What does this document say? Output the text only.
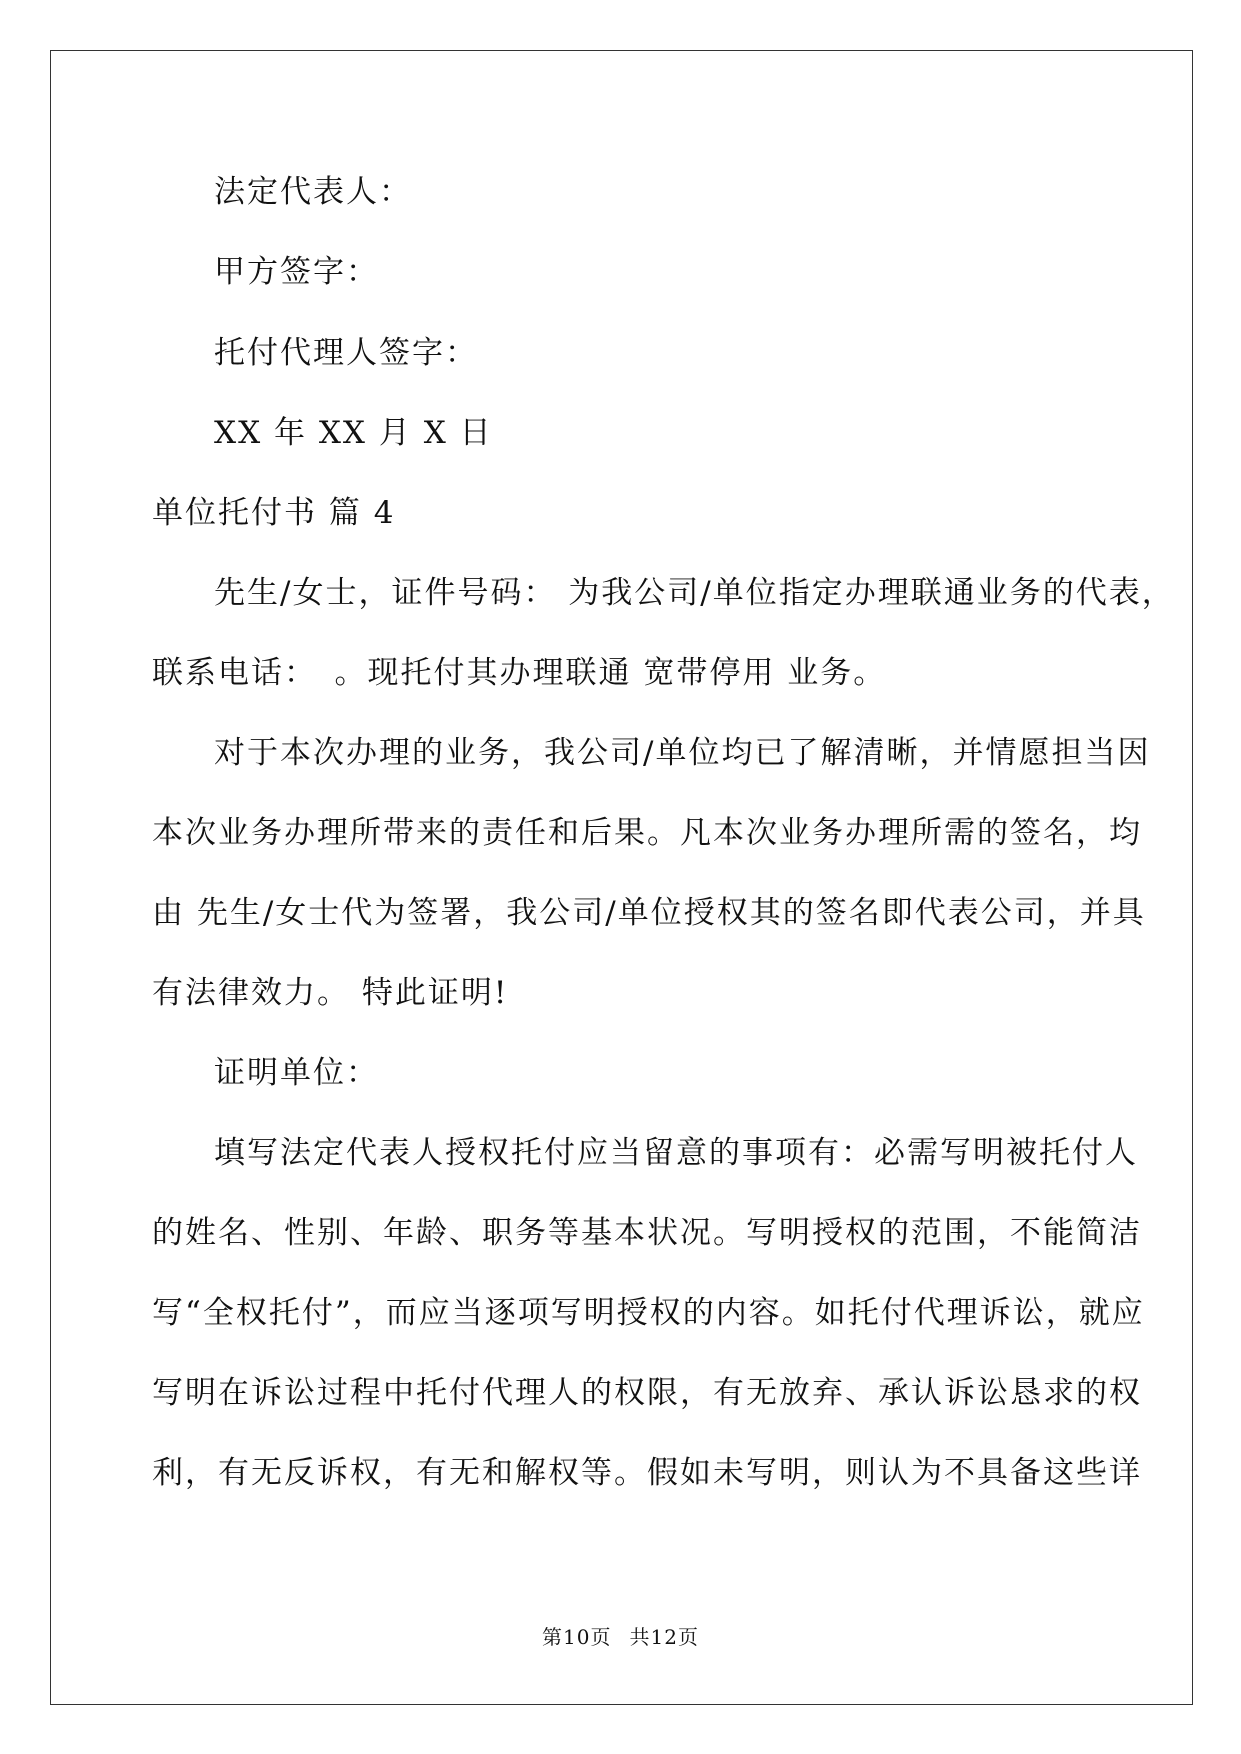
法定代表人：
甲方签字：
托付代理人签字：
XX 年 XX 月 X 日
单位托付书 篇 4
先生/女士，证件号码： 为我公司/单位指定办理联通业务的代表，
联系电话：　。现托付其办理联通 宽带停用 业务。
对于本次办理的业务，我公司/单位均已了解清晰，并情愿担当因
本次业务办理所带来的责任和后果。凡本次业务办理所需的签名，均
由 先生/女士代为签署，我公司/单位授权其的签名即代表公司，并具
有法律效力。 特此证明!
证明单位：
填写法定代表人授权托付应当留意的事项有：必需写明被托付人
的姓名、性别、年龄、职务等基本状况。写明授权的范围，不能简洁
写“全权托付”，而应当逐项写明授权的内容。如托付代理诉讼，就应
写明在诉讼过程中托付代理人的权限，有无放弃、承认诉讼恳求的权
利，有无反诉权，有无和解权等。假如未写明，则认为不具备这些详
第10页 共12页
